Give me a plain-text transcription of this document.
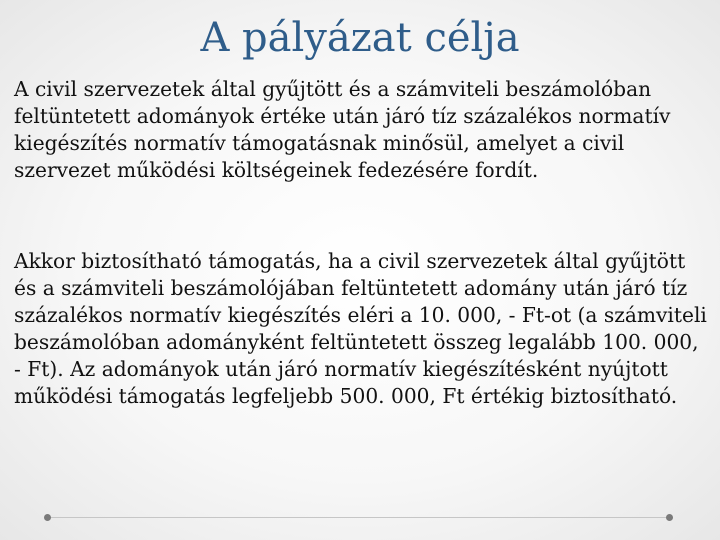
A pályázat célja

A civil szervezetek által gyűjtött és a számviteli beszámolóban feltüntetett adományok értéke után járó tíz százalékos normatív kiegészítés normatív támogatásnak minősül, amelyet a civil szervezet működési költségeinek fedezésére fordít.

Akkor biztosítható támogatás, ha a civil szervezetek által gyűjtött és a számviteli beszámolójában feltüntetett adomány után járó tíz százalékos normatív kiegészítés eléri a 10. 000, - Ft-ot (a számviteli beszámolóban adományként feltüntetett összeg legalább 100. 000, - Ft). Az adományok után járó normatív kiegészítésként nyújtott működési támogatás legfeljebb 500. 000, Ft értékig biztosítható.
